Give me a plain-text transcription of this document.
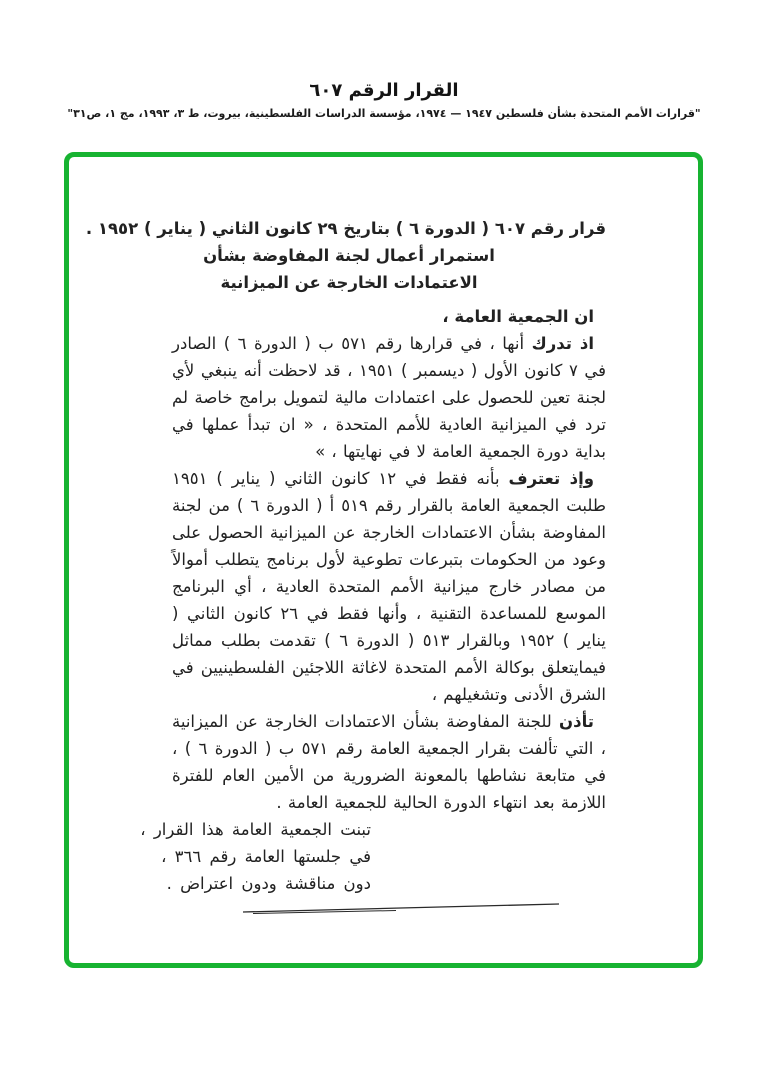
القرار الرقم ٦٠٧
"قرارات الأمم المتحدة بشأن فلسطين ١٩٤٧ — ١٩٧٤، مؤسسة الدراسات الفلسطينية، بيروت، ط ٣، ١٩٩٣، مج ١، ص٣١"
قرار رقم ٦٠٧ ( الدورة ٦ ) بتاريخ ٢٩ كانون الثاني ( يناير ) ١٩٥٢ .
استمرار أعمال لجنة المفاوضة بشأن
الاعتمادات الخارجة عن الميزانية

ان الجمعية العامة ،

اذ تدرك أنها ، في قرارها رقم ٥٧١ ب ( الدورة ٦ ) الصادر في ٧ كانون الأول ( ديسمبر ) ١٩٥١ ، قد لاحظت أنه ينبغي لأي لجنة تعين للحصول على اعتمادات مالية لتمويل برامج خاصة لم ترد في الميزانية العادية للأمم المتحدة ، « ان تبدأ عملها في بداية دورة الجمعية العامة لا في نهايتها ، »

وإذ تعترف بأنه فقط في ١٢ كانون الثاني ( يناير ) ١٩٥١ طلبت الجمعية العامة بالقرار رقم ٥١٩ أ ( الدورة ٦ ) من لجنة المفاوضة بشأن الاعتمادات الخارجة عن الميزانية الحصول على وعود من الحكومات بتبرعات تطوعية لأول برنامج يتطلب أموالاً من مصادر خارج ميزانية الأمم المتحدة العادية ، أي البرنامج الموسع للمساعدة التقنية ، وأنها فقط في ٢٦ كانون الثاني ( يناير ) ١٩٥٢ وبالقرار ٥١٣ ( الدورة ٦ ) تقدمت بطلب مماثل فيمايتعلق بوكالة الأمم المتحدة لاغاثة اللاجئين الفلسطينيين في الشرق الأدنى وتشغيلهم ،

تأذن للجنة المفاوضة بشأن الاعتمادات الخارجة عن الميزانية ، التي تألفت بقرار الجمعية العامة رقم ٥٧١ ب ( الدورة ٦ ) ، في متابعة نشاطها بالمعونة الضرورية من الأمين العام للفترة اللازمة بعد انتهاء الدورة الحالية للجمعية العامة .

تبنت الجمعية العامة هذا القرار ،
في جلستها العامة رقم ٣٦٦ ،
دون مناقشة ودون اعتراض .
